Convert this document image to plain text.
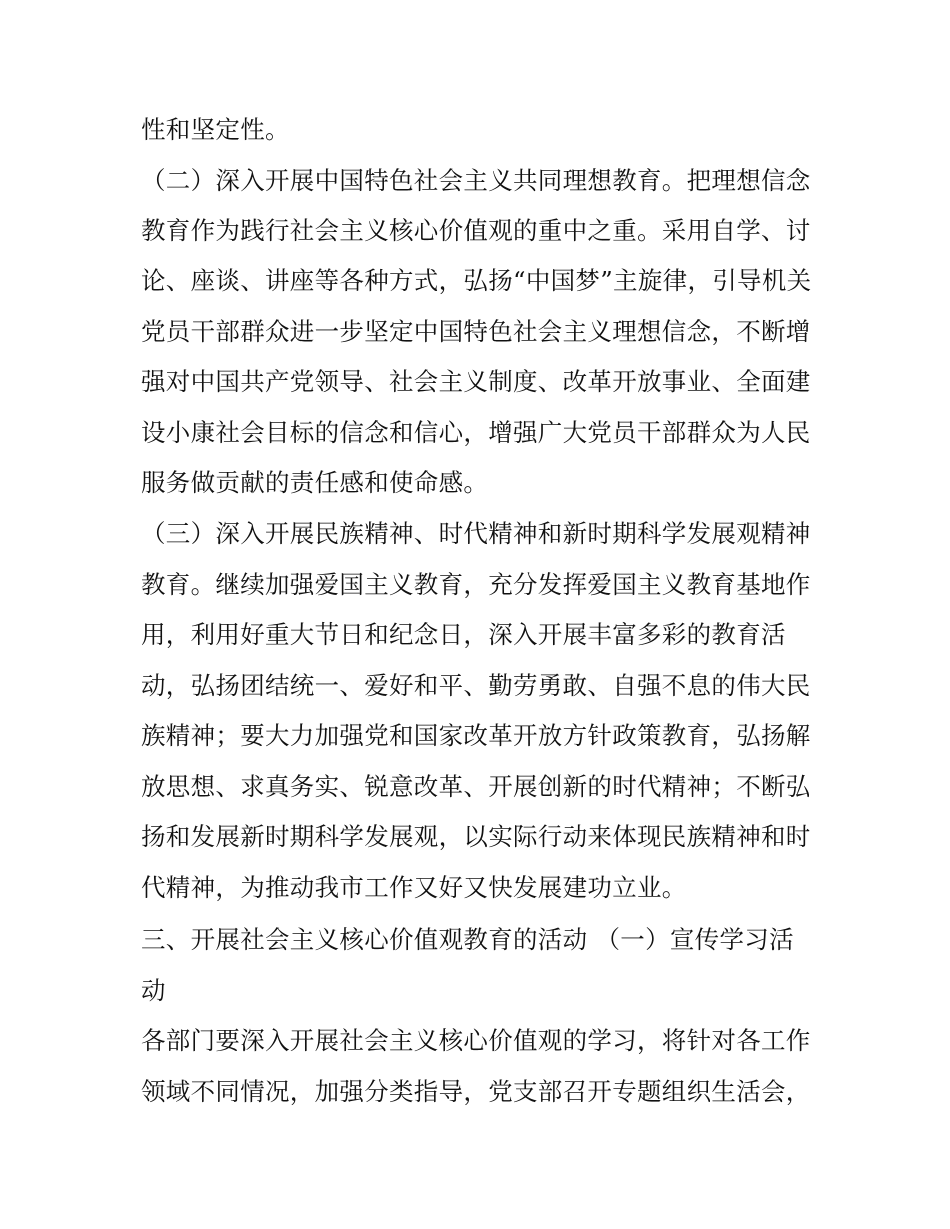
性和坚定性。
（二）深入开展中国特色社会主义共同理想教育。把理想信念
教育作为践行社会主义核心价值观的重中之重。采用自学、讨
论、座谈、讲座等各种方式，弘扬“中国梦”主旋律，引导机关
党员干部群众进一步坚定中国特色社会主义理想信念，不断增
强对中国共产党领导、社会主义制度、改革开放事业、全面建
设小康社会目标的信念和信心，增强广大党员干部群众为人民
服务做贡献的责任感和使命感。
（三）深入开展民族精神、时代精神和新时期科学发展观精神
教育。继续加强爱国主义教育，充分发挥爱国主义教育基地作
用，利用好重大节日和纪念日，深入开展丰富多彩的教育活
动，弘扬团结统一、爱好和平、勤劳勇敢、自强不息的伟大民
族精神；要大力加强党和国家改革开放方针政策教育，弘扬解
放思想、求真务实、锐意改革、开展创新的时代精神；不断弘
扬和发展新时期科学发展观，以实际行动来体现民族精神和时
代精神，为推动我市工作又好又快发展建功立业。
三、开展社会主义核心价值观教育的活动 （一）宣传学习活
动
各部门要深入开展社会主义核心价值观的学习，将针对各工作
领域不同情况，加强分类指导，党支部召开专题组织生活会，
